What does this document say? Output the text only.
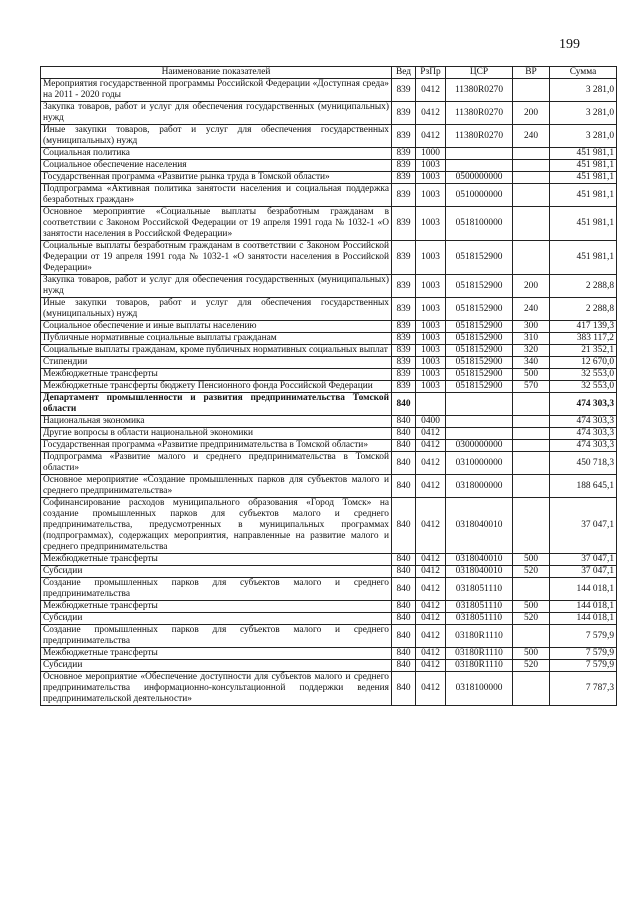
199
Наименование показателей	Вед	РзПр	ЦСР	ВР	Сумма
Мероприятия государственной программы Российской Федерации «Доступная среда» на 2011 - 2020 годы	839	0412	11380R0270		3 281,0
Закупка товаров, работ и услуг для обеспечения государственных (муниципальных) нужд	839	0412	11380R0270	200	3 281,0
Иные закупки товаров, работ и услуг для обеспечения государственных (муниципальных) нужд	839	0412	11380R0270	240	3 281,0
Социальная политика	839	1000			451 981,1
Социальное обеспечение населения	839	1003			451 981,1
Государственная программа «Развитие рынка труда в Томской области»	839	1003	0500000000		451 981,1
Подпрограмма «Активная политика занятости населения и социальная поддержка безработных граждан»	839	1003	0510000000		451 981,1
Основное мероприятие «Социальные выплаты безработным гражданам в соответствии с Законом Российской Федерации от 19 апреля 1991 года № 1032-1 «О занятости населения в Российской Федерации»	839	1003	0518100000		451 981,1
Социальные выплаты безработным гражданам в соответствии с Законом Российской Федерации от 19 апреля 1991 года № 1032-1 «О занятости населения в Российской Федерации»	839	1003	0518152900		451 981,1
Закупка товаров, работ и услуг для обеспечения государственных (муниципальных) нужд	839	1003	0518152900	200	2 288,8
Иные закупки товаров, работ и услуг для обеспечения государственных (муниципальных) нужд	839	1003	0518152900	240	2 288,8
Социальное обеспечение и иные выплаты населению	839	1003	0518152900	300	417 139,3
Публичные нормативные социальные выплаты гражданам	839	1003	0518152900	310	383 117,2
Социальные выплаты гражданам, кроме публичных нормативных социальных выплат	839	1003	0518152900	320	21 352,1
Стипендии	839	1003	0518152900	340	12 670,0
Межбюджетные трансферты	839	1003	0518152900	500	32 553,0
Межбюджетные трансферты бюджету Пенсионного фонда Российской Федерации	839	1003	0518152900	570	32 553,0
Департамент промышленности и развития предпринимательства Томской области	840				474 303,3
Национальная экономика	840	0400			474 303,3
Другие вопросы в области национальной экономики	840	0412			474 303,3
Государственная программа «Развитие предпринимательства в Томской области»	840	0412	0300000000		474 303,3
Подпрограмма «Развитие малого и среднего предпринимательства в Томской области»	840	0412	0310000000		450 718,3
Основное мероприятие «Создание промышленных парков для субъектов малого и среднего предпринимательства»	840	0412	0318000000		188 645,1
Софинансирование расходов муниципального образования «Город Томск» на создание промышленных парков для субъектов малого и среднего предпринимательства, предусмотренных в муниципальных программах (подпрограммах), содержащих мероприятия, направленные на развитие малого и среднего предпринимательства	840	0412	0318040010		37 047,1
Межбюджетные трансферты	840	0412	0318040010	500	37 047,1
Субсидии	840	0412	0318040010	520	37 047,1
Создание промышленных парков для субъектов малого и среднего предпринимательства	840	0412	0318051110		144 018,1
Межбюджетные трансферты	840	0412	0318051110	500	144 018,1
Субсидии	840	0412	0318051110	520	144 018,1
Создание промышленных парков для субъектов малого и среднего предпринимательства	840	0412	03180R1110		7 579,9
Межбюджетные трансферты	840	0412	03180R1110	500	7 579,9
Субсидии	840	0412	03180R1110	520	7 579,9
Основное мероприятие «Обеспечение доступности для субъектов малого и среднего предпринимательства информационно-консультационной поддержки ведения предпринимательской деятельности»	840	0412	0318100000		7 787,3
